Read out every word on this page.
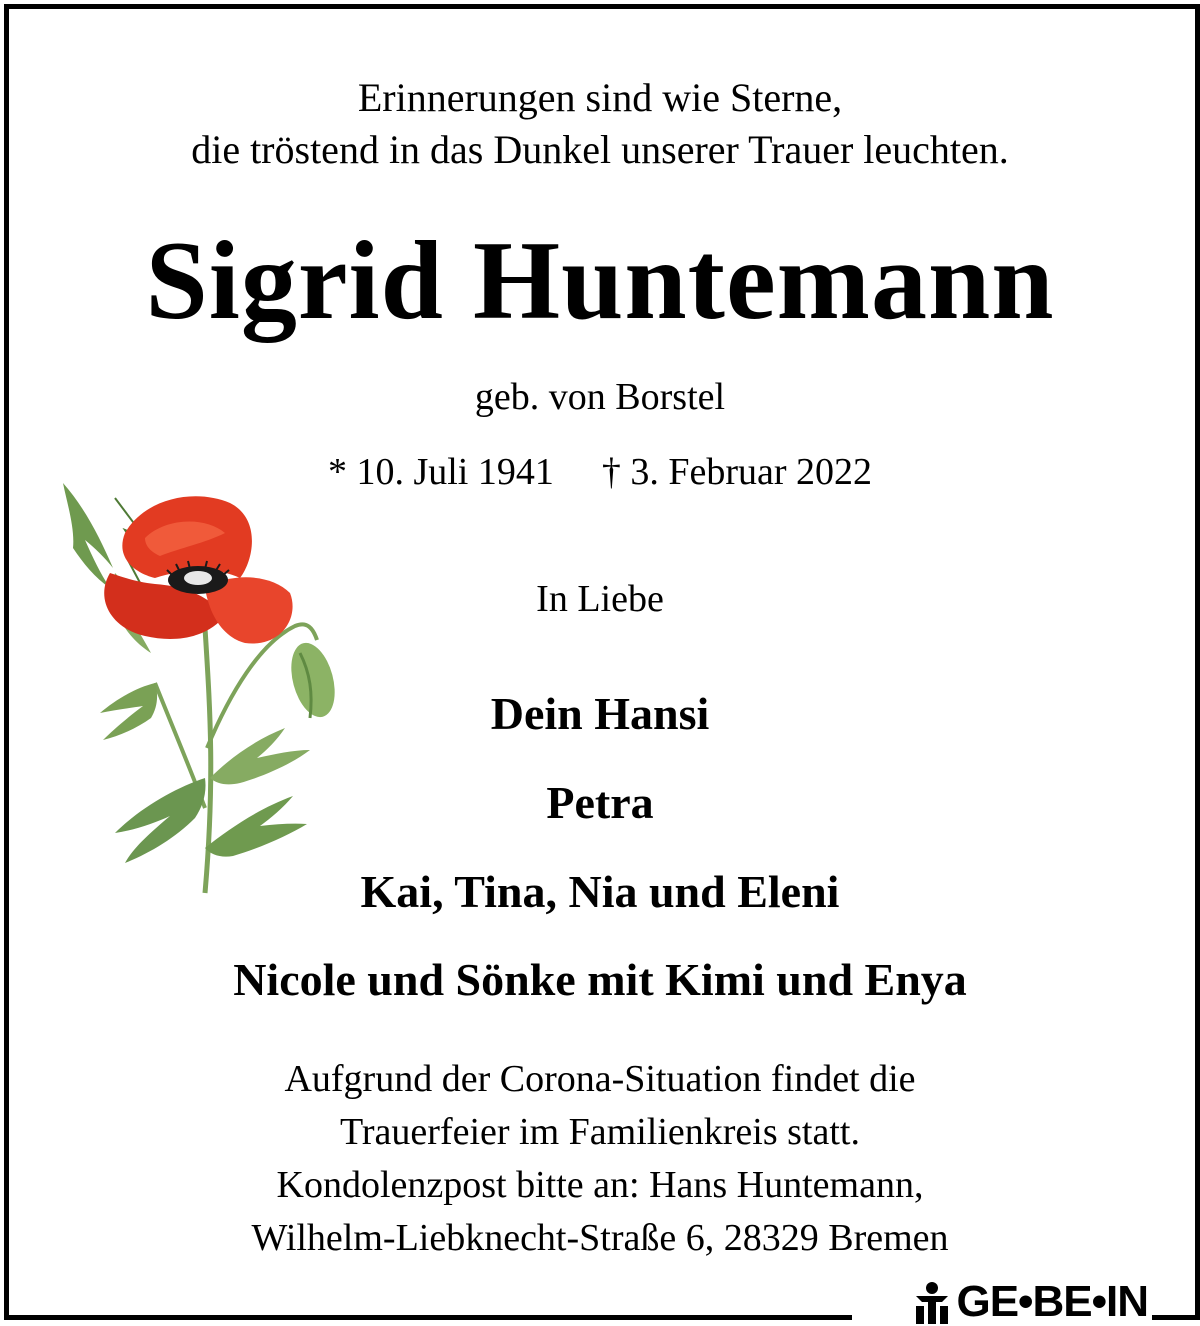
Erinnerungen sind wie Sterne,
die tröstend in das Dunkel unserer Trauer leuchten.
Sigrid Huntemann
geb. von Borstel
* 10. Juli 1941 † 3. Februar 2022
In Liebe
Dein Hansi
Petra
Kai, Tina, Nia und Eleni
Nicole und Sönke mit Kimi und Enya
Aufgrund der Corona-Situation findet die
Trauerfeier im Familienkreis statt.
Kondolenzpost bitte an: Hans Huntemann,
Wilhelm-Liebknecht-Straße 6, 28329 Bremen
GE•BE•IN
